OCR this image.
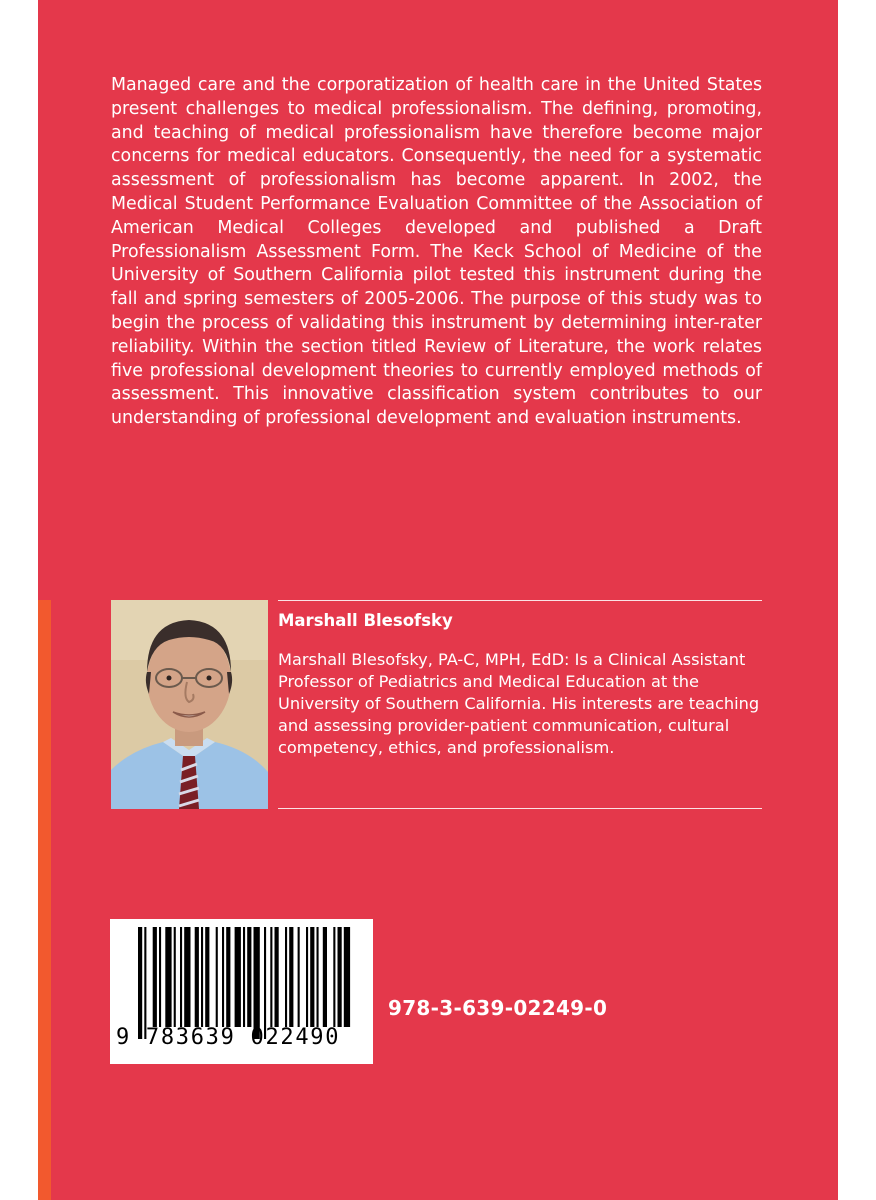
Managed care and the corporatization of health care in the United States present challenges to medical professionalism. The defining, promoting, and teaching of medical professionalism have therefore become major concerns for medical educators. Consequently, the need for a systematic assessment of professionalism has become apparent. In 2002, the Medical Student Performance Evaluation Committee of the Association of American Medical Colleges developed and published a Draft Professionalism Assessment Form. The Keck School of Medicine of the University of Southern California pilot tested this instrument during the fall and spring semesters of 2005-2006. The purpose of this study was to begin the process of validating this instrument by determining inter-rater reliability. Within the section titled Review of Literature, the work relates five professional development theories to currently employed methods of assessment. This innovative classification system contributes to our understanding of professional development and evaluation instruments.

Marshall Blesofsky

Marshall Blesofsky, PA-C, MPH, EdD: Is a Clinical Assistant Professor of Pediatrics and Medical Education at the University of Southern California. His interests are teaching and assessing provider-patient communication, cultural competency, ethics, and professionalism.

9 783639 022490
978-3-639-02249-0
